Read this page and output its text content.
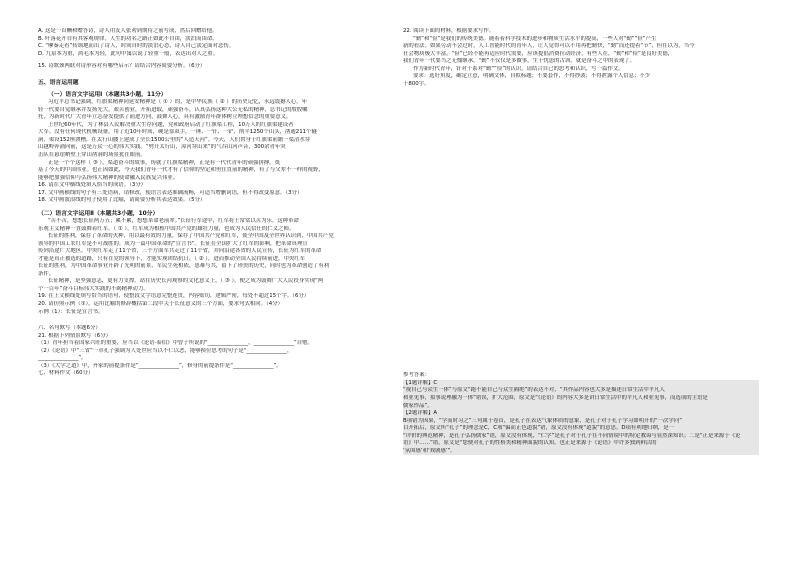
A. 这是一首酬和赠答诗，诗人用友人张劝到期待之前写成，然后回赠给他。

B. 叶落花开自有其客观规律，人生的功名之路正如此不自由，淡泊而由命。

C. “摩秦走看”传颂地而出了诗人，时间自时的淡泊心态，诗人自己淡定面对悲伤。

D. 九泉本为重，鸿毛本为轻，此句中寓以说了轻重一般，表达出对人之重。

15. 诗歌颈两联对诗形容对有哪些启示？请结合内容简要分析。（6分）

五、语言运用题

（一）语言文字运用Ⅰ（本题共3小题，11分）

习近平总书记强调，红旗渠精神同延安精神是（ ① ）的，是中华民族（ ② ）的历史记忆，永远震撼人心。年

轻一代要自觉继承并发扬光大，艰苦创业，开拓进取，顽强奋斗，认真弘扬这种大公无私的精神，总书记的殷殷嘱

托，为新时代广大青年立志奋发提供了前进方向，鼓舞人心，具有激励青年群体树立理想信念的重要意义。

上世纪60年代，为了林县人民解决重大生存问题，党和政府启动了红旗渠工程，10万人的红旗渠建设者

大军。没有任何现代机械设备，用了近10年时间，硬是靠双手，一锤、一钎、一铲，削平1250个山头，凿通211个隧

洞，架设152座渡槽，在太行山腰上建成了全长1500公里的“人造天河”。今天，人们置身于红旗渠前瞻一渠清水穿

山越岭奔涌向前，这是万众一心的伟大实践。“劈开太行山，漳河穿山来”的气吞山河声音，300余青年突

击队在悬崖峭壁上穿山凿洞的场景犹在眼前。

正是一个个这样（ ③ ），渠道奋斗的故事，铸就了红旗渠精神，正是有一代代青年的顽强拼搏，奠

基了今天的中国伟业。也正因如此，今天我们青年一代才有了信仰的坚定和勇往直前的精神，有了与父辈不一样的视野，

能够把加强信仰与弘扬伟大精神的使命融入民族复兴伟业。

16. 请在文中横线处填入恰当的成语。（3分）

17. 文中画横线的句子有三处语病，请修改，使语言表达准确流畅，可适当增删词语，但不得改变原意。（3分）

18. 文中画波浪线的句子使用了比喻，请简要分析其表达效果。（5分）

（二）语言文字运用Ⅱ（本题共3小题，10分）

“苦不苦，想想长征两万五；累不累，想想革命老前辈。”长征行军途中，红军将士常常以苦为乐。这种革命

乐观主义精神一直鼓舞着红军。（ ① ），红军成为根植中国共产党的雄壮力量，也成为人民信任的仁义之师。

长征的胜利，保存了革命的火种，用以最有效的力量，保存了中国共产党和红军，使全中国及全世界认识到，中国共产党

领导的中国工农红军是不可战胜的。成为一篇中国革命的“宣言书”。长征在全国扩大了红军的影响，把革命真理宣

传到沿途广大地区。中央红军走了11个省，三个方面军共走过了11个省，并向沿途各省的人民宣传，长征为红军的革命

才能是真正被选的道路，只有在党的领导下，才能实现团结抗日，（ ② ），进而推动全国人民持续前进。中央红军

长征的胜利，为中国革命事业开辟了光明的前景，军民生死相依，患难与共，留下了珍贵的历史，同时也为革命创造了有利

条件。

长征精神，是坚强意志，更有力支撑。站在历史长河观察的文化意义上，（ ③ ），便之成为鼓舞广大人民投身实现“两

个一百年”奋斗目标伟大实践的不竭精神动力。

19. 在上文横线处填写恰当的语句，使整段文字语意完整连贯，内容贴切，逻辑严密，每处不超过15个字。（6分）

20. 请仿照示例（①），运用比喻的修辞概括第二段中关于长征意义的三个方面，要求句式相同。（4分）

示例（1）：长征是宣言书。

六、名句默写（本题6分）

21. 根据下列情景默写（6分）

（1）青年担当着国家兴旺的重要，应当以《论语·泰伯》中曾子所说的“_______________，_______________”自勉。

（2）《论语》中“三省”一章孔子强调为人处世应当以不仁以恶，能够换位思考的句子是“_______________，

_______________”。

（3）《大学之道》中，齐家的前提条件是“_______________”，修身的前提条件是“_______________”。

七、材料作文（60分）

22. 阅读下面的材料，根据要求写作。

“勤”和“俭”是我们的传统美德。随着着科学技术的进步和物质生活水平的提高，一些人对“勤”“俭”产生

新的看法。如果劳动不会过时，人工智能时代的青年人，让人觉得可以不用再把勤快，“勤”而还提着“节”，但在以为，当今

社会物质极大丰富，“俭”已经不能再适应时代需要，应该提倡消费拉动经济。有些人在，“勤”和“俭”是良好美德，

我们青年一代要当之无愧继承，“勤”不仅仅是多做事，生于忧患的古训，就是奋斗之中的表现了。

作为新时代青年，针对干系对“勤”“俭”的认识，请结合自己的思考和认识，写一篇作文。

要求：选好角度，确定立意，明确文体，自拟标题；不要套作，不得抄袭；不得泄露个人信息；不少

于800字。

参考答案：

【1题详解】C

“视自己与众生一体”与原文“跑不能自己与众生隔绝”的表达不对，“其作品内容也大多是描述日常生活中平凡人

和业见事，拟事说理融为一体”错误，扩大范围，原文是“《论语》的内容大多是讲日常生活中的平凡人和业见事，而选项的主语是

儒家作品”。

【2题详解】A

B项错为因果，“学而时习之”三句属于卷首，是孔子在表达气象体质的意象，是孔子对于孔子学习如明开的“一次学问”

目开拓后，原文所“孔子”的理念是C，C项“偏而正色道貌”错，原文没有体现“道貌”的意思。D项有利地归纳，是一

“评价的典范精神，是孔子弘扬儒家”错，原文没有体现，“仁学”是孔子对于孔子在不同情境中的特定教诲与显然深知识；二是“正是来源于《论

语》中……”错，原文是“您便对孔子的性格类和精神面貌的认知，也正是来源于《论语》中许多独到鲜活的

‘氛围感’和‘戏剧感’”。
